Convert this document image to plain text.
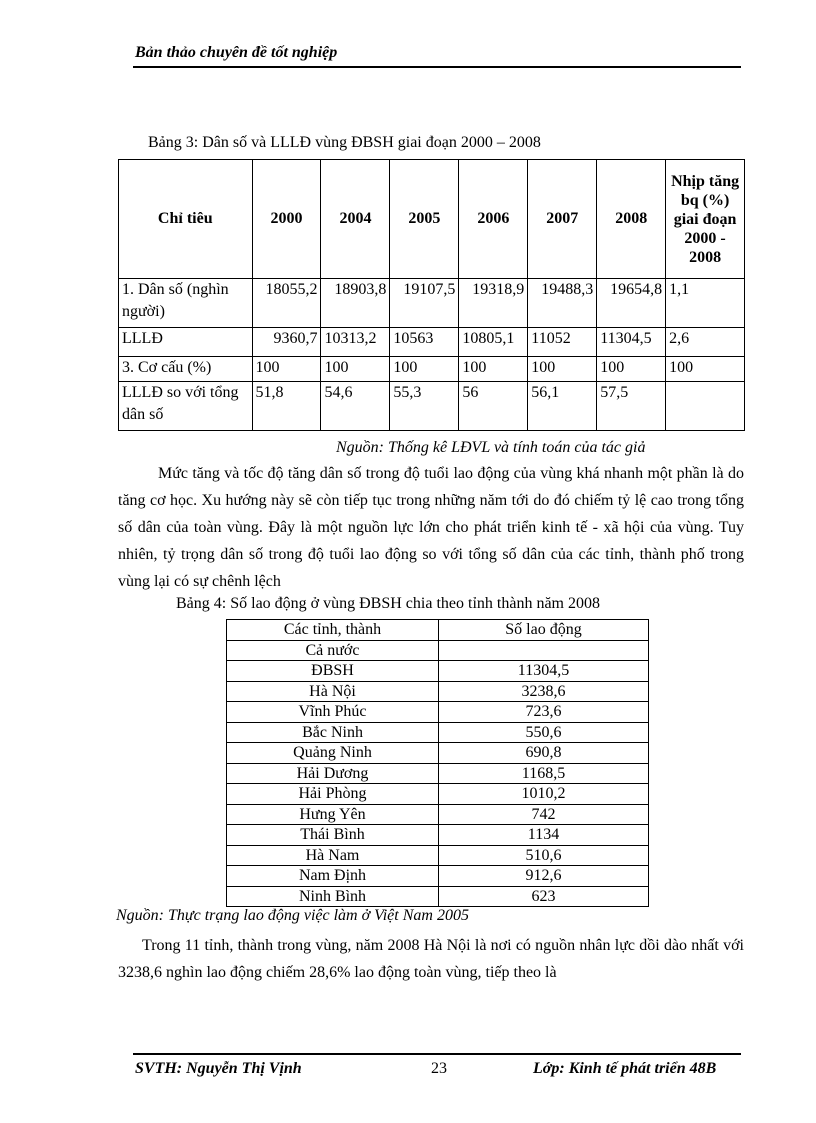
Bản thảo chuyên đề tốt nghiệp
Bảng 3: Dân số và LLLĐ vùng ĐBSH giai đoạn 2000 – 2008
Chỉ tiêu	2000	2004	2005	2006	2007	2008	Nhịp tăng bq (%) giai đoạn 2000 - 2008
1. Dân số (nghìn người)	18055,2	18903,8	19107,5	19318,9	19488,3	19654,8	1,1
LLLĐ	9360,7	10313,2	10563	10805,1	11052	11304,5	2,6
3. Cơ cấu (%)	100	100	100	100	100	100	100
LLLĐ so với tổng dân số	51,8	54,6	55,3	56	56,1	57,5	
Nguồn: Thống kê LĐVL và tính toán của tác giả
Mức tăng và tốc độ tăng dân số trong độ tuổi lao động của vùng khá nhanh một phần là do tăng cơ học. Xu hướng này sẽ còn tiếp tục trong những năm tới do đó chiếm tỷ lệ cao trong tổng số dân của toàn vùng. Đây là một nguồn lực lớn cho phát triển kinh tế - xã hội của vùng. Tuy nhiên, tỷ trọng dân số trong độ tuổi lao động so với tổng số dân của các tỉnh, thành phố trong vùng lại có sự chênh lệch
Bảng 4: Số lao động ở vùng ĐBSH chia theo tỉnh thành năm 2008
Các tỉnh, thành	Số lao động
Cả nước	
ĐBSH	11304,5
Hà Nội	3238,6
Vĩnh Phúc	723,6
Bắc Ninh	550,6
Quảng Ninh	690,8
Hải Dương	1168,5
Hải Phòng	1010,2
Hưng Yên	742
Thái Bình	1134
Hà Nam	510,6
Nam Định	912,6
Ninh Bình	623
Nguồn: Thực trạng lao động việc làm ở Việt Nam 2005
Trong 11 tỉnh, thành trong vùng, năm 2008 Hà Nội là nơi có nguồn nhân lực dồi dào nhất với 3238,6 nghìn lao động chiếm 28,6% lao động toàn vùng, tiếp theo là
SVTH: Nguyễn Thị Vịnh	23	Lớp: Kinh tế phát triển 48B
